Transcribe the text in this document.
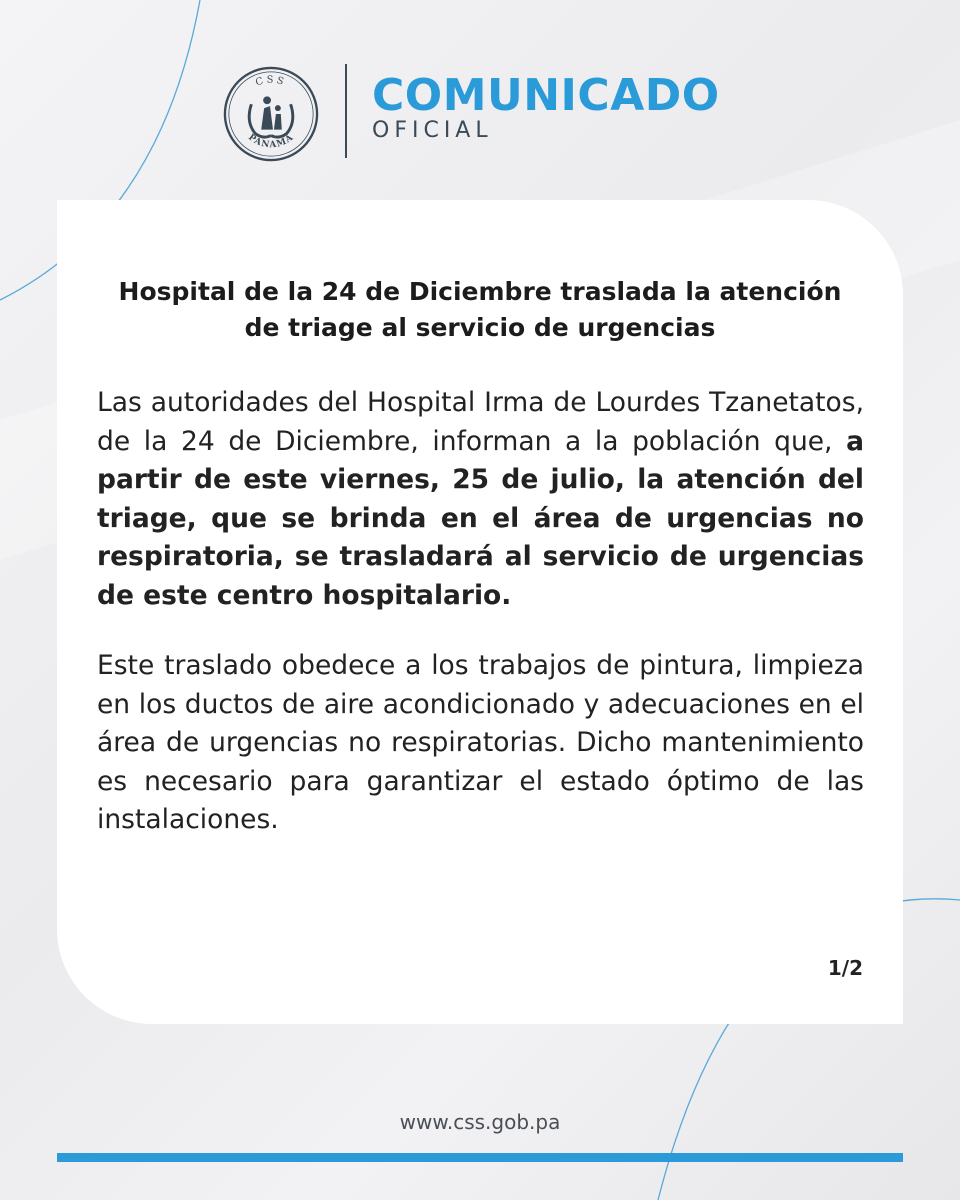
CSS
PANAMÁ
COMUNICADO
OFICIAL
Hospital de la 24 de Diciembre traslada la atención
de triage al servicio de urgencias
Las autoridades del Hospital Irma de Lourdes Tzanetatos, de la 24 de Diciembre, informan a la población que, a partir de este viernes, 25 de julio, la atención del triage, que se brinda en el área de urgencias no respiratoria, se trasladará al servicio de urgencias de este centro hospitalario.
Este traslado obedece a los trabajos de pintura, limpieza en los ductos de aire acondicionado y adecuaciones en el área de urgencias no respiratorias. Dicho mantenimiento es necesario para garantizar el estado óptimo de las instalaciones.
1/2
www.css.gob.pa
